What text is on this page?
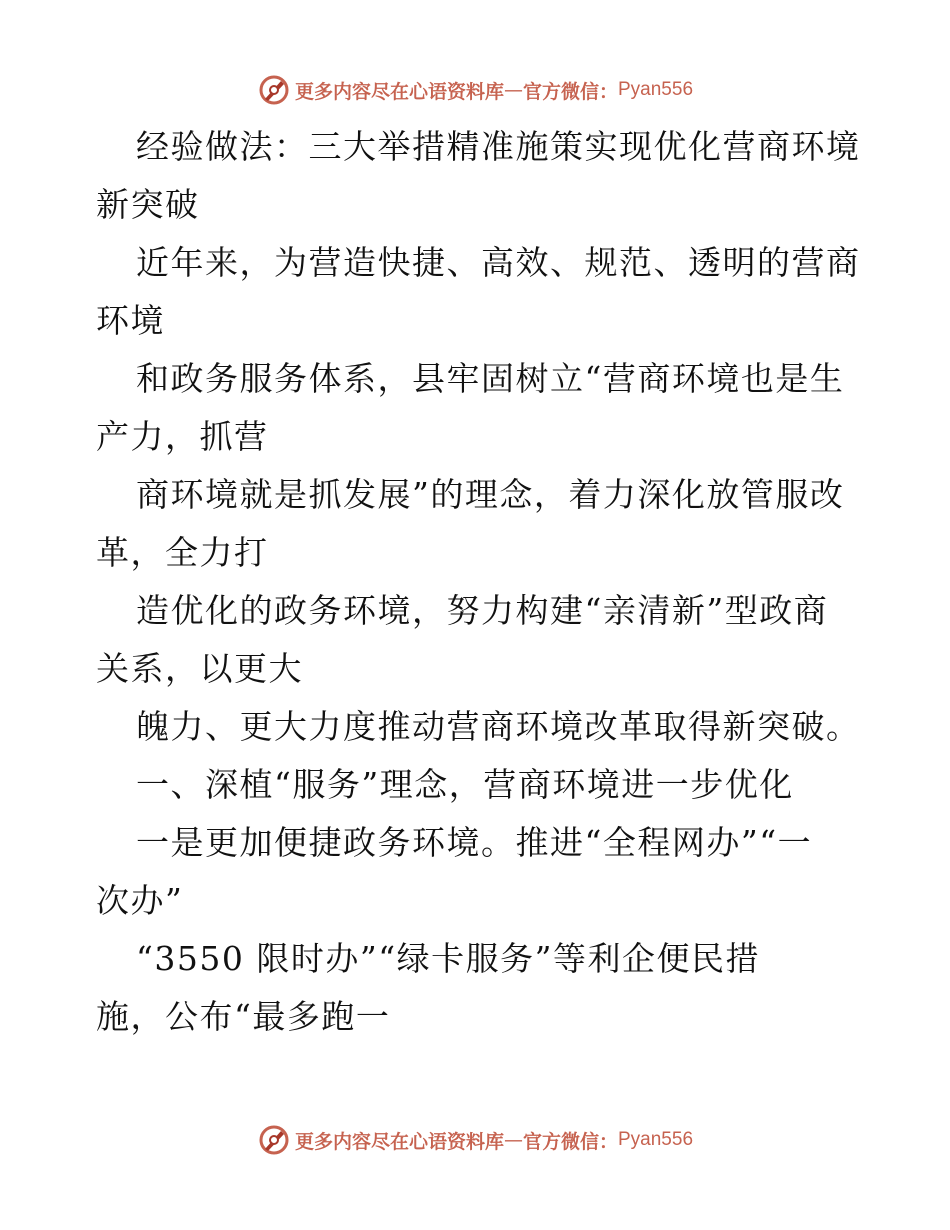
更多内容尽在心语资料库 — 官方微信： Pyan556
经验做法：三大举措精准施策实现优化营商环境
新突破
近年来，为营造快捷、高效、规范、透明的营商
环境
和政务服务体系，县牢固树立“营商环境也是生
产力，抓营
商环境就是抓发展”的理念，着力深化放管服改
革，全力打
造优化的政务环境，努力构建“亲清新”型政商
关系，以更大
魄力、更大力度推动营商环境改革取得新突破。
一、深植“服务”理念，营商环境进一步优化
一是更加便捷政务环境。推进“全程网办”“一
次办”
“3550 限时办”“绿卡服务”等利企便民措
施，公布“最多跑一
更多内容尽在心语资料库 — 官方微信： Pyan556
